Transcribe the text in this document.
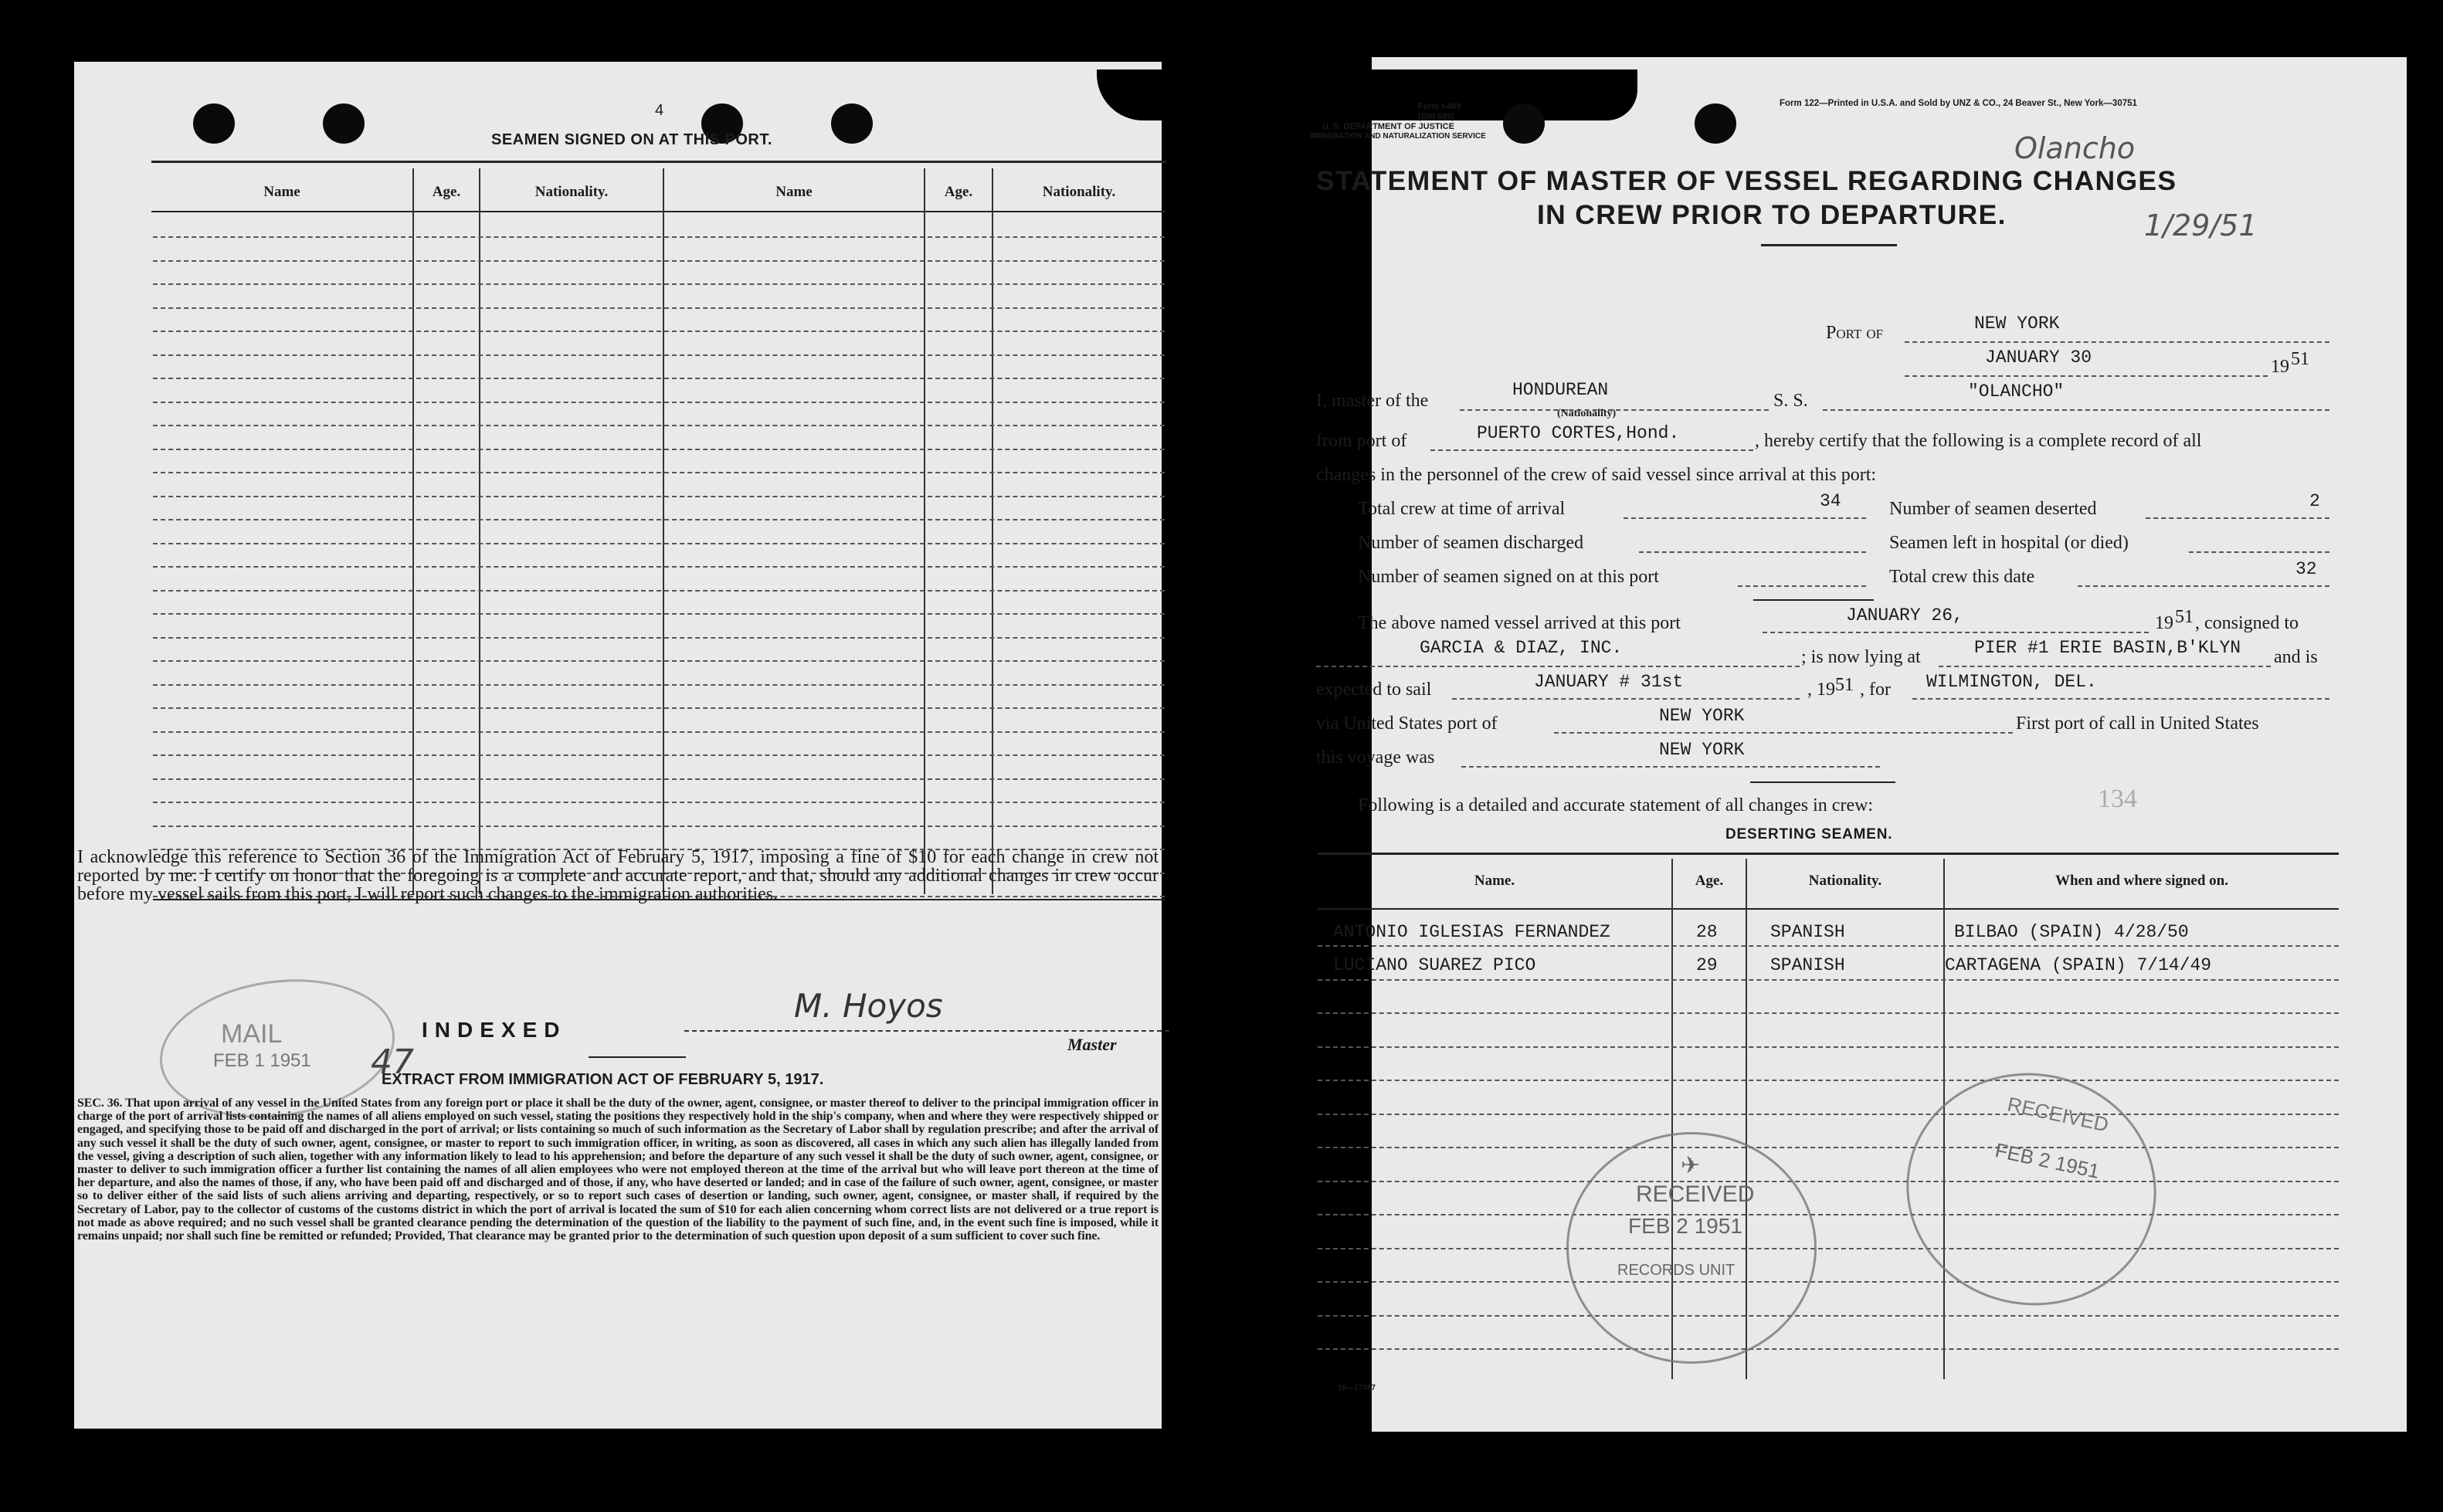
4
SEAMEN SIGNED ON AT THIS PORT.
Name	Age.	Nationality.	Name	Age.	Nationality.
I acknowledge this reference to Section 36 of the Immigration Act of February 5, 1917, imposing a fine of $10 for each change in crew not reported by me. I certify on honor that the foregoing is a complete and accurate report, and that, should any additional changes in crew occur before my vessel sails from this port, I will report such changes to the immigration authorities.
MAIL
FEB 1 1951
INDEXED
47
M. Hoyos
Master
EXTRACT FROM IMMIGRATION ACT OF FEBRUARY 5, 1917.
SEC. 36. That upon arrival of any vessel in the United States from any foreign port or place it shall be the duty of the owner, agent, consignee, or master thereof to deliver to the principal immigration officer in charge of the port of arrival lists containing the names of all aliens employed on such vessel, stating the positions they respectively hold in the ship's company, when and where they were respectively shipped or engaged, and specifying those to be paid off and discharged in the port of arrival; or lists containing so much of such information as the Secretary of Labor shall by regulation prescribe; and after the arrival of any such vessel it shall be the duty of such owner, agent, consignee, or master to report to such immigration officer, in writing, as soon as discovered, all cases in which any such alien has illegally landed from the vessel, giving a description of such alien, together with any information likely to lead to his apprehension; and before the departure of any such vessel it shall be the duty of such owner, agent, consignee, or master to deliver to such immigration officer a further list containing the names of all alien employees who were not employed thereon at the time of the arrival but who will leave port thereon at the time of her departure, and also the names of those, if any, who have been paid off and discharged and of those, if any, who have deserted or landed; and in case of the failure of such owner, agent, consignee, or master so to deliver either of the said lists of such aliens arriving and departing, respectively, or so to report such cases of desertion or landing, such owner, agent, consignee, or master shall, if required by the Secretary of Labor, pay to the collector of customs of the customs district in which the port of arrival is located the sum of $10 for each alien concerning whom correct lists are not delivered or a true report is not made as above required; and no such vessel shall be granted clearance pending the determination of the question of the liability to the payment of such fine, and, in the event such fine is imposed, while it remains unpaid; nor shall such fine be remitted or refunded; Provided, That clearance may be granted prior to the determination of such question upon deposit of a sum sufficient to cover such fine.
Form I-489
(Old 689)
U. S. DEPARTMENT OF JUSTICE
IMMIGRATION AND NATURALIZATION SERVICE
Form 122—Printed in U.S.A. and Sold by UNZ & CO., 24 Beaver St., New York—30751
Olancho
1/29/51
STATEMENT OF MASTER OF VESSEL REGARDING CHANGES
IN CREW PRIOR TO DEPARTURE.
Port of	NEW YORK
JANUARY 30	19 51
I, master of the
HONDUREAN
(Nationality)
S. S.	"OLANCHO"
from port of	PUERTO CORTES,Hond.	, hereby certify that the following is a complete record of all
changes in the personnel of the crew of said vessel since arrival at this port:
Total crew at time of arrival	34	Number of seamen deserted	2
Number of seamen discharged	Seamen left in hospital (or died)
Number of seamen signed on at this port	Total crew this date	32
The above named vessel arrived at this port	JANUARY 26,	19 51 , consigned to
GARCIA & DIAZ, INC.	; is now lying at	PIER #1 ERIE BASIN,B'KLYN and is
expected to sail	JANUARY # 31st	, 19 51 , for WILMINGTON, DEL.
via United States port of	NEW YORK	First port of call in United States
this voyage was	NEW YORK
Following is a detailed and accurate statement of all changes in crew:	134
DESERTING SEAMEN.
Name.	Age.	Nationality.	When and where signed on.
ANTONIO IGLESIAS FERNANDEZ	28	SPANISH	BILBAO (SPAIN) 4/28/50
LUCIANO SUAREZ PICO	29	SPANISH	CARTAGENA (SPAIN) 7/14/49
✈
RECEIVED
FEB 2 1951
RECORDS UNIT
RECEIVED
FEB 2 1951
16—17387
